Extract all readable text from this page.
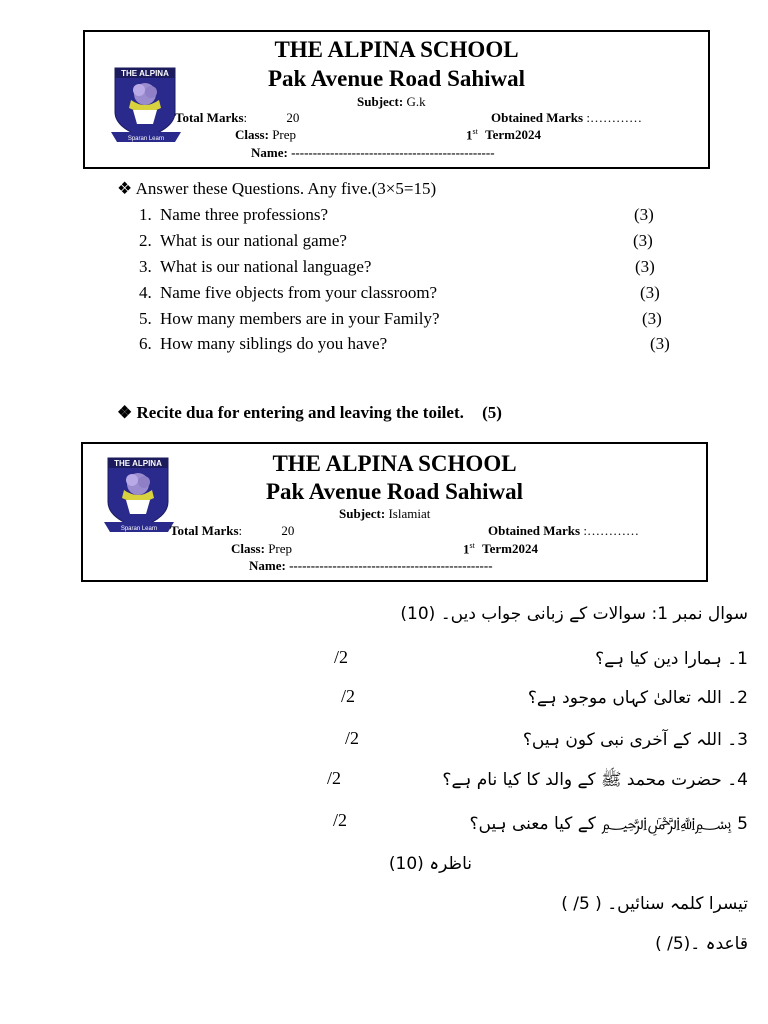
THE ALPINA
Sparan Learn
THE ALPINA SCHOOL
Pak Avenue Road Sahiwal
Subject: G.k
Total Marks:	20	Obtained Marks :…………
Class: Prep	1st Term2024
Name: -----------------------------------------------
❖ Answer these Questions. Any five.(3×5=15)
1. Name three professions?	(3)
2. What is our national game?	(3)
3. What is our national language?	(3)
4. Name five objects from your classroom?	(3)
5. How many members are in your Family?	(3)
6. How many siblings do you have?	(3)
❖ Recite dua for entering and leaving the toilet. (5)
THE ALPINA
Sparan Learn
THE ALPINA SCHOOL
Pak Avenue Road Sahiwal
Subject: Islamiat
Total Marks:	20	Obtained Marks :…………
Class: Prep	1st Term2024
Name: -----------------------------------------------
سوال نمبر 1: سوالات کے زبانی جواب دیں۔ (10)
1۔ ہمارا دین کیا ہے؟
/2
2۔ اللہ تعالیٰ کہاں موجود ہے؟
/2
3۔ اللہ کے آخری نبی کون ہیں؟
/2
4۔ حضرت محمد ﷺ کے والد کا کیا نام ہے؟
/2
5 ﷽ کے کیا معنی ہیں؟
/2
ناظرہ (10)
تیسرا کلمہ سنائیں۔ ( 5/ )
قاعدہ ۔(5/ )
